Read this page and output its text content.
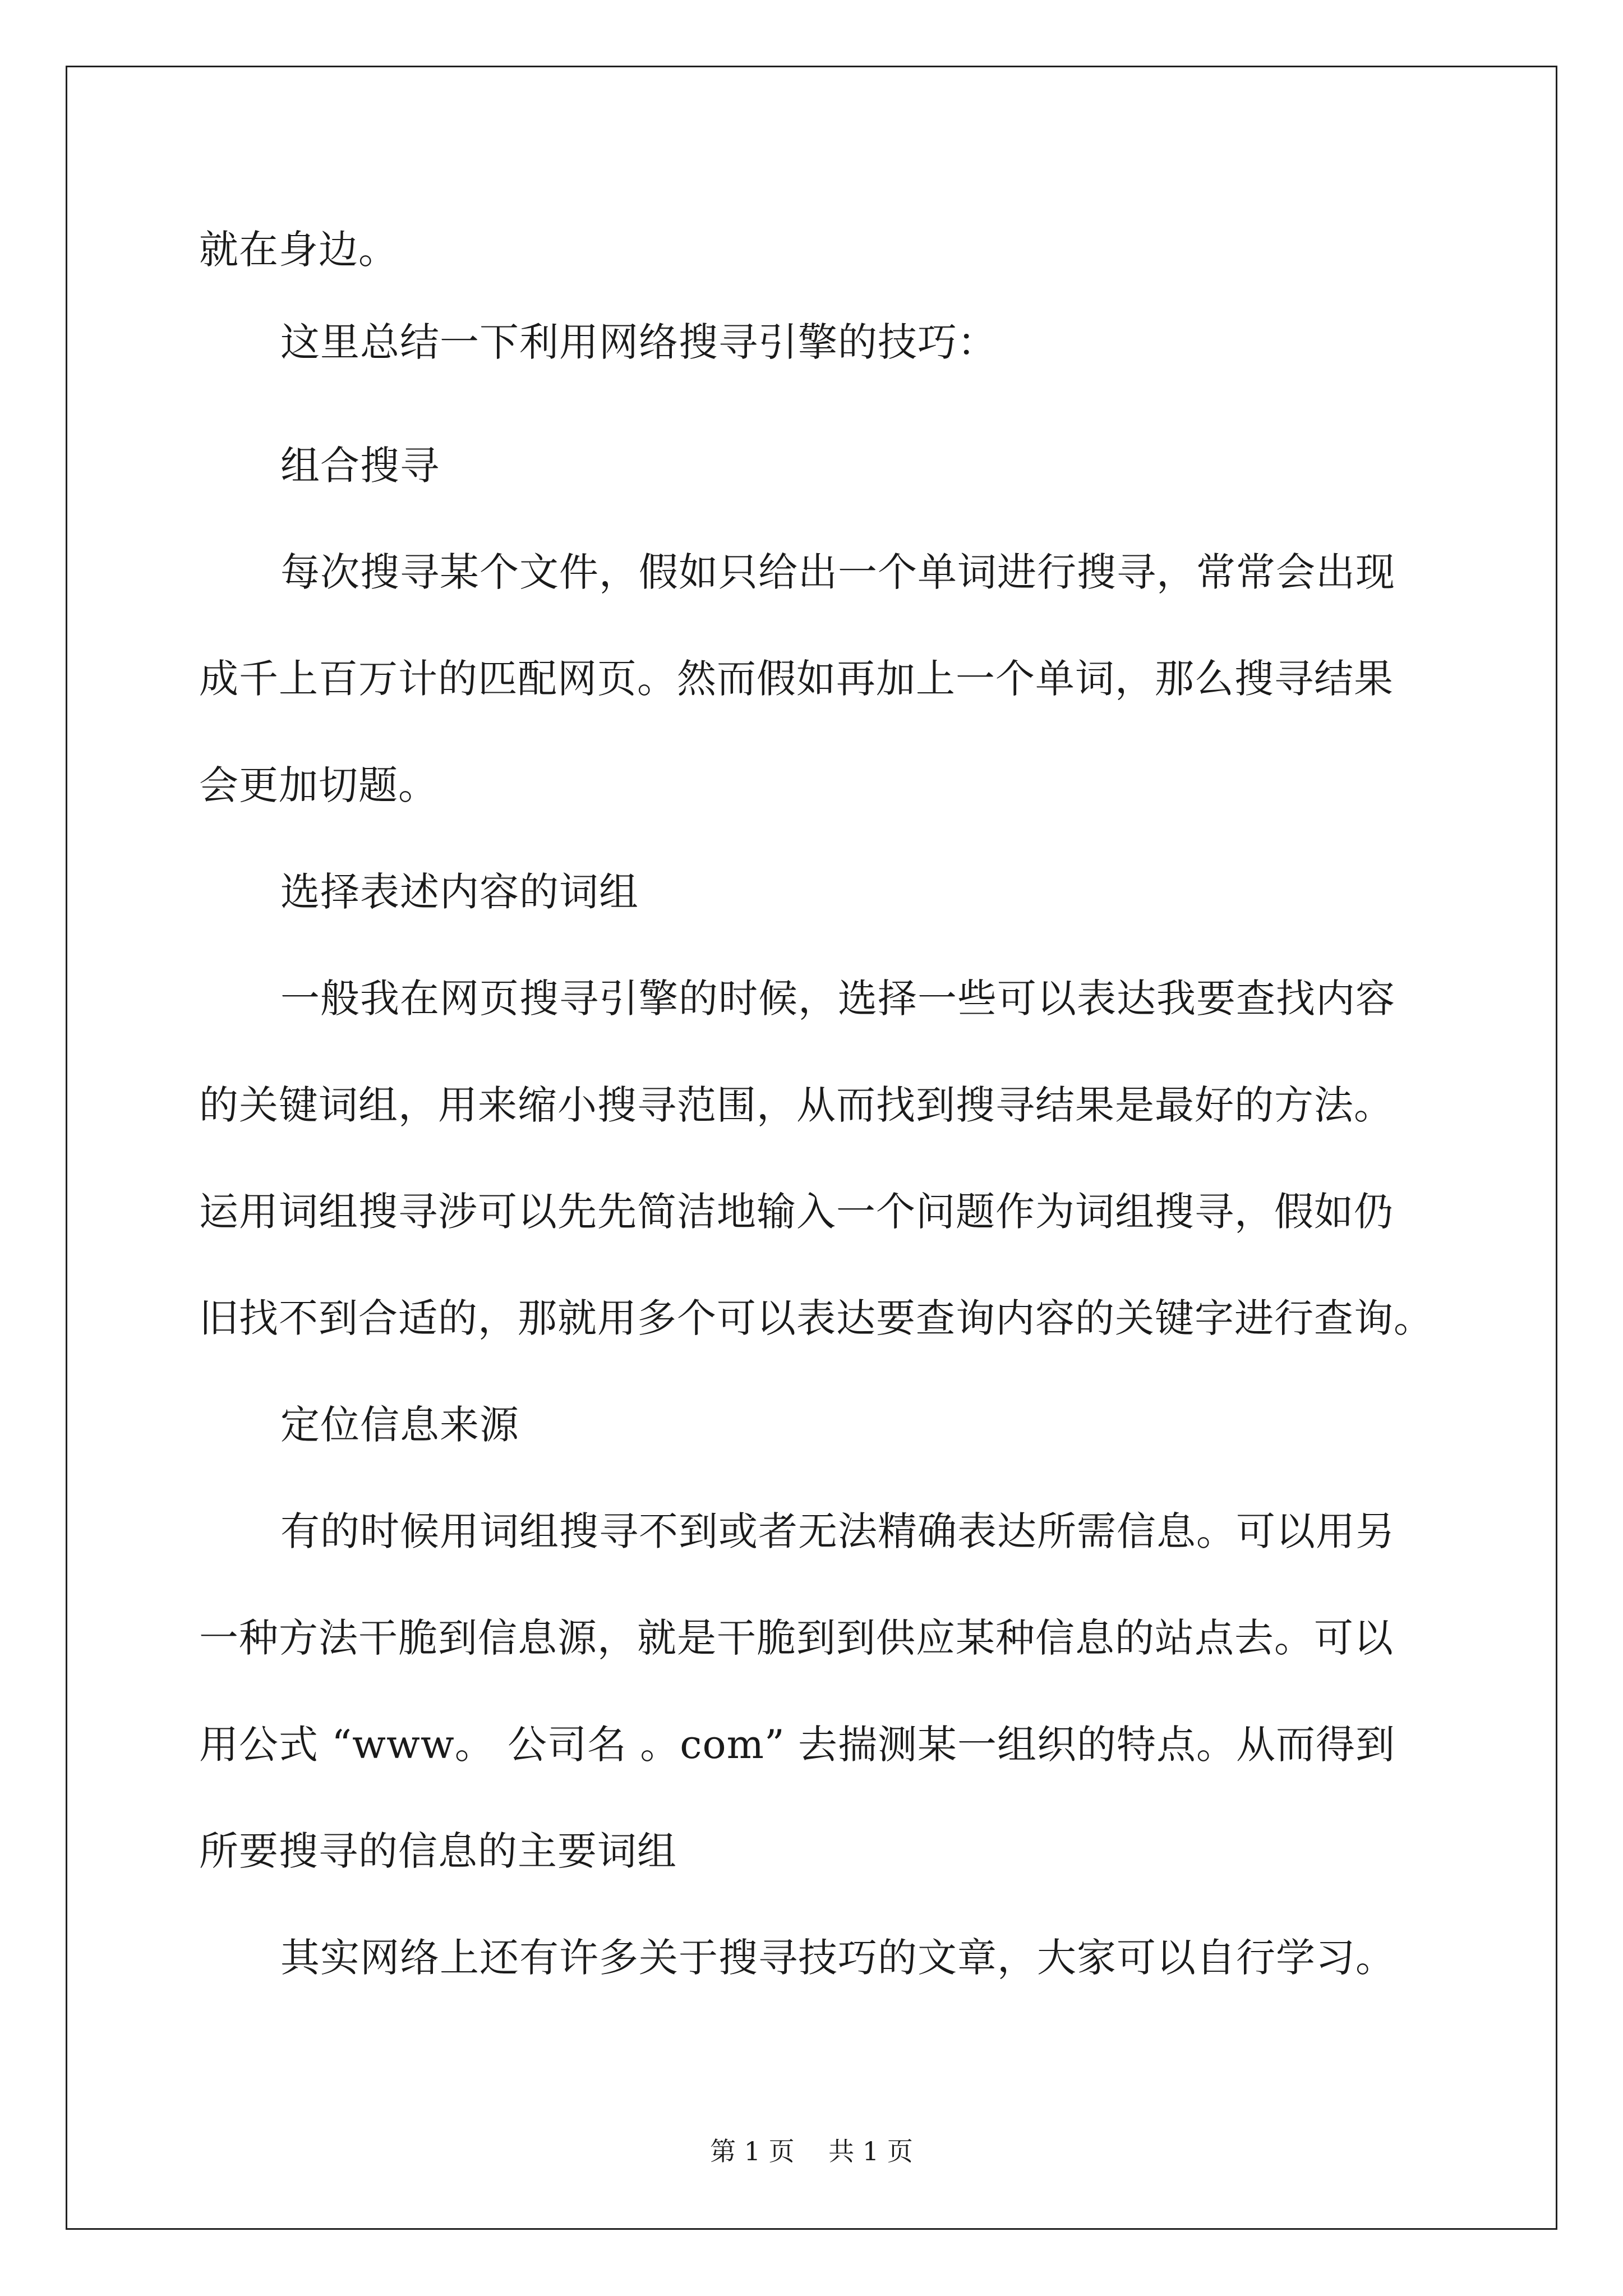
就在身边。
这里总结一下利用网络搜寻引擎的技巧：
组合搜寻
每次搜寻某个文件，假如只给出一个单词进行搜寻，常常会出现
成千上百万计的匹配网页。然而假如再加上一个单词，那么搜寻结果
会更加切题。
选择表述内容的词组
一般我在网页搜寻引擎的时候，选择一些可以表达我要查找内容
的关键词组，用来缩小搜寻范围，从而找到搜寻结果是最好的方法。
运用词组搜寻涉可以先先简洁地输入一个问题作为词组搜寻，假如仍
旧找不到合适的，那就用多个可以表达要查询内容的关键字进行查询。
定位信息来源
有的时候用词组搜寻不到或者无法精确表达所需信息。可以用另
一种方法干脆到信息源，就是干脆到到供应某种信息的站点去。可以
用公式 “www。 公司名 。com” 去揣测某一组织的特点。从而得到
所要搜寻的信息的主要词组
其实网络上还有许多关于搜寻技巧的文章，大家可以自行学习。
第 1 页　 共 1 页
